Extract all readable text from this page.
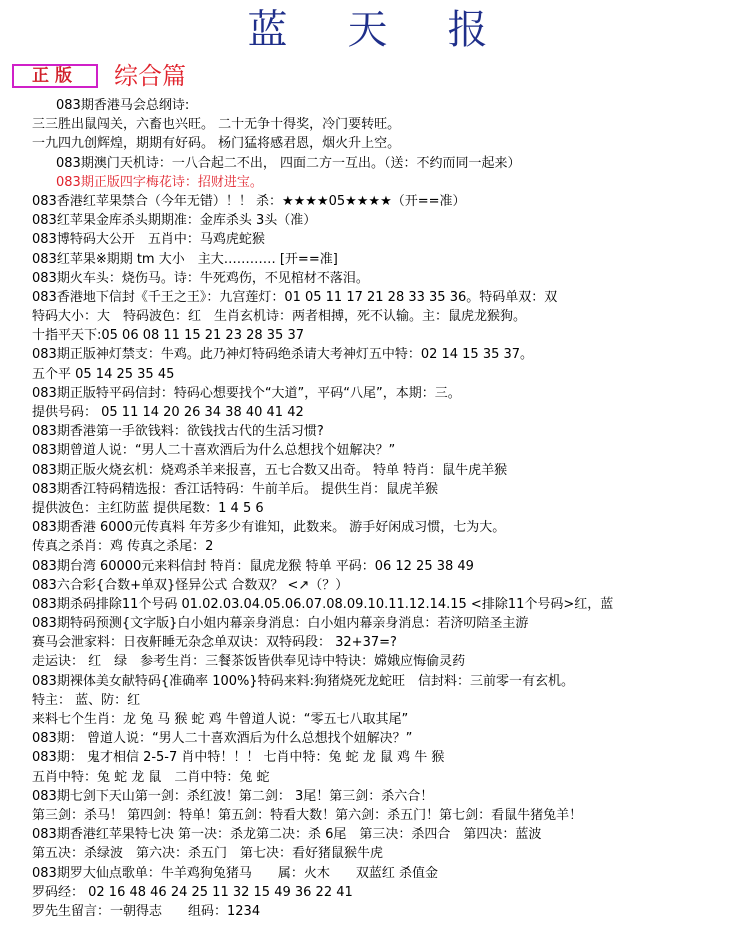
蓝天报
正版	综合篇
083期香港马会总纲诗:
三三胜出鼠闯关，六畜也兴旺。 二十无争十得奖，冷门要转旺。
一九四九创辉煌，期期有好码。 杨门猛将感君恩，烟火升上空。
083期澳门天机诗：一八合起二不出， 四面二方一互出。（送：不约而同一起来）
083期正版四字梅花诗：招财进宝。
083香港红苹果禁合（今年无错）！！ 杀：★★★★05★★★★（开==准）
083红苹果金库杀头期期准：金库杀头 3头（准）
083博特码大公开　五肖中：马鸡虎蛇猴
083红苹果※期期 tm 大小　主大………… [开==准]
083期火车头：烧伤马。诗：牛死鸡伤，不见棺材不落泪。
083香港地下信封《千王之王》：九宫莲灯：01 05 11 17 21 28 33 35 36。特码单双：双
特码大小：大　特码波色：红　生肖玄机诗：两者相搏，死不认输。主：鼠虎龙猴狗。
十指平天下:05 06 08 11 15 21 23 28 35 37
083期正版神灯禁支：牛鸡。此乃神灯特码绝杀请大考神灯五中特：02 14 15 35 37。
五个平 05 14 25 35 45
083期正版特平码信封：特码心想要找个“大道”，平码“八尾”，本期：三。
提供号码： 05 11 14 20 26 34 38 40 41 42
083期香港第一手欲钱料：欲钱找古代的生活习惯?
083期曾道人说：“男人二十喜欢酒后为什么总想找个妞解决？”
083期正版火烧玄机：烧鸡杀羊来报喜，五七合数又出奇。 特单 特肖：鼠牛虎羊猴
083期香江特码精选报：香江话特码：牛前羊后。 提供生肖：鼠虎羊猴
提供波色：主红防蓝 提供尾数：1 4 5 6
083期香港 6000元传真料 年芳多少有谁知，此数来。 游手好闲成习惯，七为大。
传真之杀肖：鸡 传真之杀尾：2
083期台湾 60000元来料信封 特肖：鼠虎龙猴 特单 平码：06 12 25 38 49
083六合彩{合数+单双}怪异公式 合数双？ <↗（？）
083期杀码排除11个号码 01.02.03.04.05.06.07.08.09.10.11.12.14.15 <排除11个号码>红，蓝
083期特码预测{文字版}白小姐内幕亲身消息：白小姐内幕亲身消息：若济叨陪圣主游
赛马会泄家料：日夜鼾睡无杂念单双诀：双特码段： 32+37=?
走运诀： 红　绿　参考生肖：三餐茶饭皆供奉见诗中特诀：嫦娥应悔偷灵药
083期裸体美女献特码{准确率 100%}特码来料:狗猪烧死龙蛇旺　信封料：三前零一有玄机。
特主： 蓝、防：红
来料七个生肖：龙 兔 马 猴 蛇 鸡 牛曾道人说：“零五七八取其尾”
083期： 曾道人说：“男人二十喜欢酒后为什么总想找个妞解决？”
083期： 鬼才相信 2-5-7 肖中特！！！ 七肖中特：兔 蛇 龙 鼠 鸡 牛 猴
五肖中特：兔 蛇 龙 鼠　二肖中特：兔 蛇
083期七剑下天山第一剑：杀红波！第二剑： 3尾！第三剑：杀六合！
第三剑：杀马！ 第四剑：特单！第五剑：特看大数！第六剑：杀五门！第七剑：看鼠牛猪兔羊！
083期香港红苹果特七决 第一决：杀龙第二决：杀 6尾　第三决：杀四合　第四决：蓝波
第五决：杀绿波　第六决：杀五门　第七决：看好猪鼠猴牛虎
083期罗大仙点歌单：牛羊鸡狗兔猪马　　属：火木　　双蓝红 杀值金
罗码经： 02 16 48 46 24 25 11 32 15 49 36 22 41
罗先生留言：一朝得志　　组码：1234
